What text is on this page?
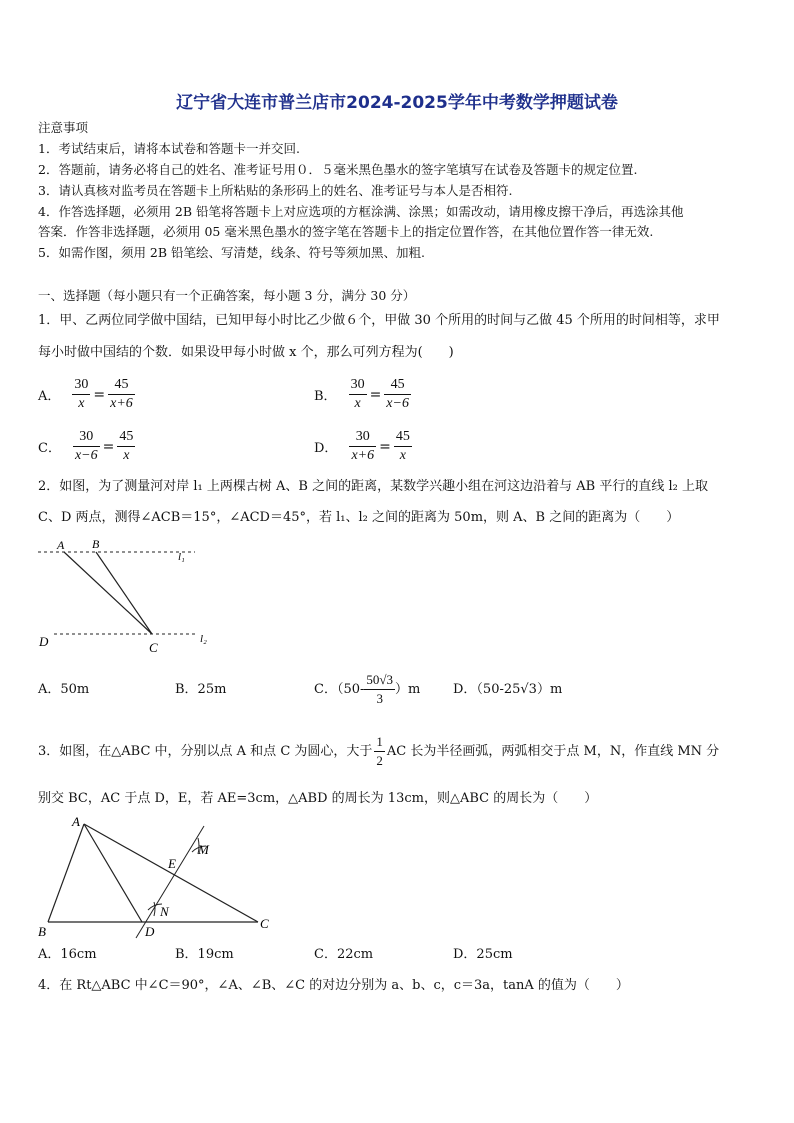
辽宁省大连市普兰店市2024-2025学年中考数学押题试卷
注意事项
1．考试结束后，请将本试卷和答题卡一并交回.
2．答题前，请务必将自己的姓名、准考证号用０．５毫米黑色墨水的签字笔填写在试卷及答题卡的规定位置.
3．请认真核对监考员在答题卡上所粘贴的条形码上的姓名、准考证号与本人是否相符.
4．作答选择题，必须用 2B 铅笔将答题卡上对应选项的方框涂满、涂黑；如需改动，请用橡皮擦干净后，再选涂其他
答案．作答非选择题，必须用 05 毫米黑色墨水的签字笔在答题卡上的指定位置作答，在其他位置作答一律无效.
5．如需作图，须用 2B 铅笔绘、写清楚，线条、符号等须加黑、加粗.
一、选择题（每小题只有一个正确答案，每小题 3 分，满分 30 分）
1．甲、乙两位同学做中国结，已知甲每小时比乙少做６个，甲做 30 个所用的时间与乙做 45 个所用的时间相等，求甲
每小时做中国结的个数．如果设甲每小时做 x 个，那么可列方程为(　　)
A． $\frac{30}{x} = \frac{45}{x+6}$	B． $\frac{30}{x} = \frac{45}{x-6}$
C． $\frac{30}{x-6} = \frac{45}{x}$	D． $\frac{30}{x+6} = \frac{45}{x}$
2．如图，为了测量河对岸 l₁ 上两棵古树 A、B 之间的距离，某数学兴趣小组在河这边沿着与 AB 平行的直线 l₂ 上取
C、D 两点，测得∠ACB＝15°，∠ACD＝45°，若 l₁、l₂ 之间的距离为 50m，则 A、B 之间的距离为（　　）
A B
l₁
l₂
D	C
A．50m	B．25m	C．$(50- \frac{50√3}{3} )m$	D．（50-25√3）m
3．如图，在△ABC 中，分别以点 A 和点 C 为圆心，大于 $\frac{1}{2}$ AC 长为半径画弧，两弧相交于点 M，N，作直线 MN 分
别交 BC，AC 于点 D，E，若 AE=3cm，△ABD 的周长为 13cm，则△ABC 的周长为（　　）
A
B
C
D
E
M
N
A．16cm	B．19cm	C．22cm	D．25cm
4．在 Rt△ABC 中∠C＝90°，∠A、∠B、∠C 的对边分别为 a、b、c，c＝3a，tanA 的值为（　　）
